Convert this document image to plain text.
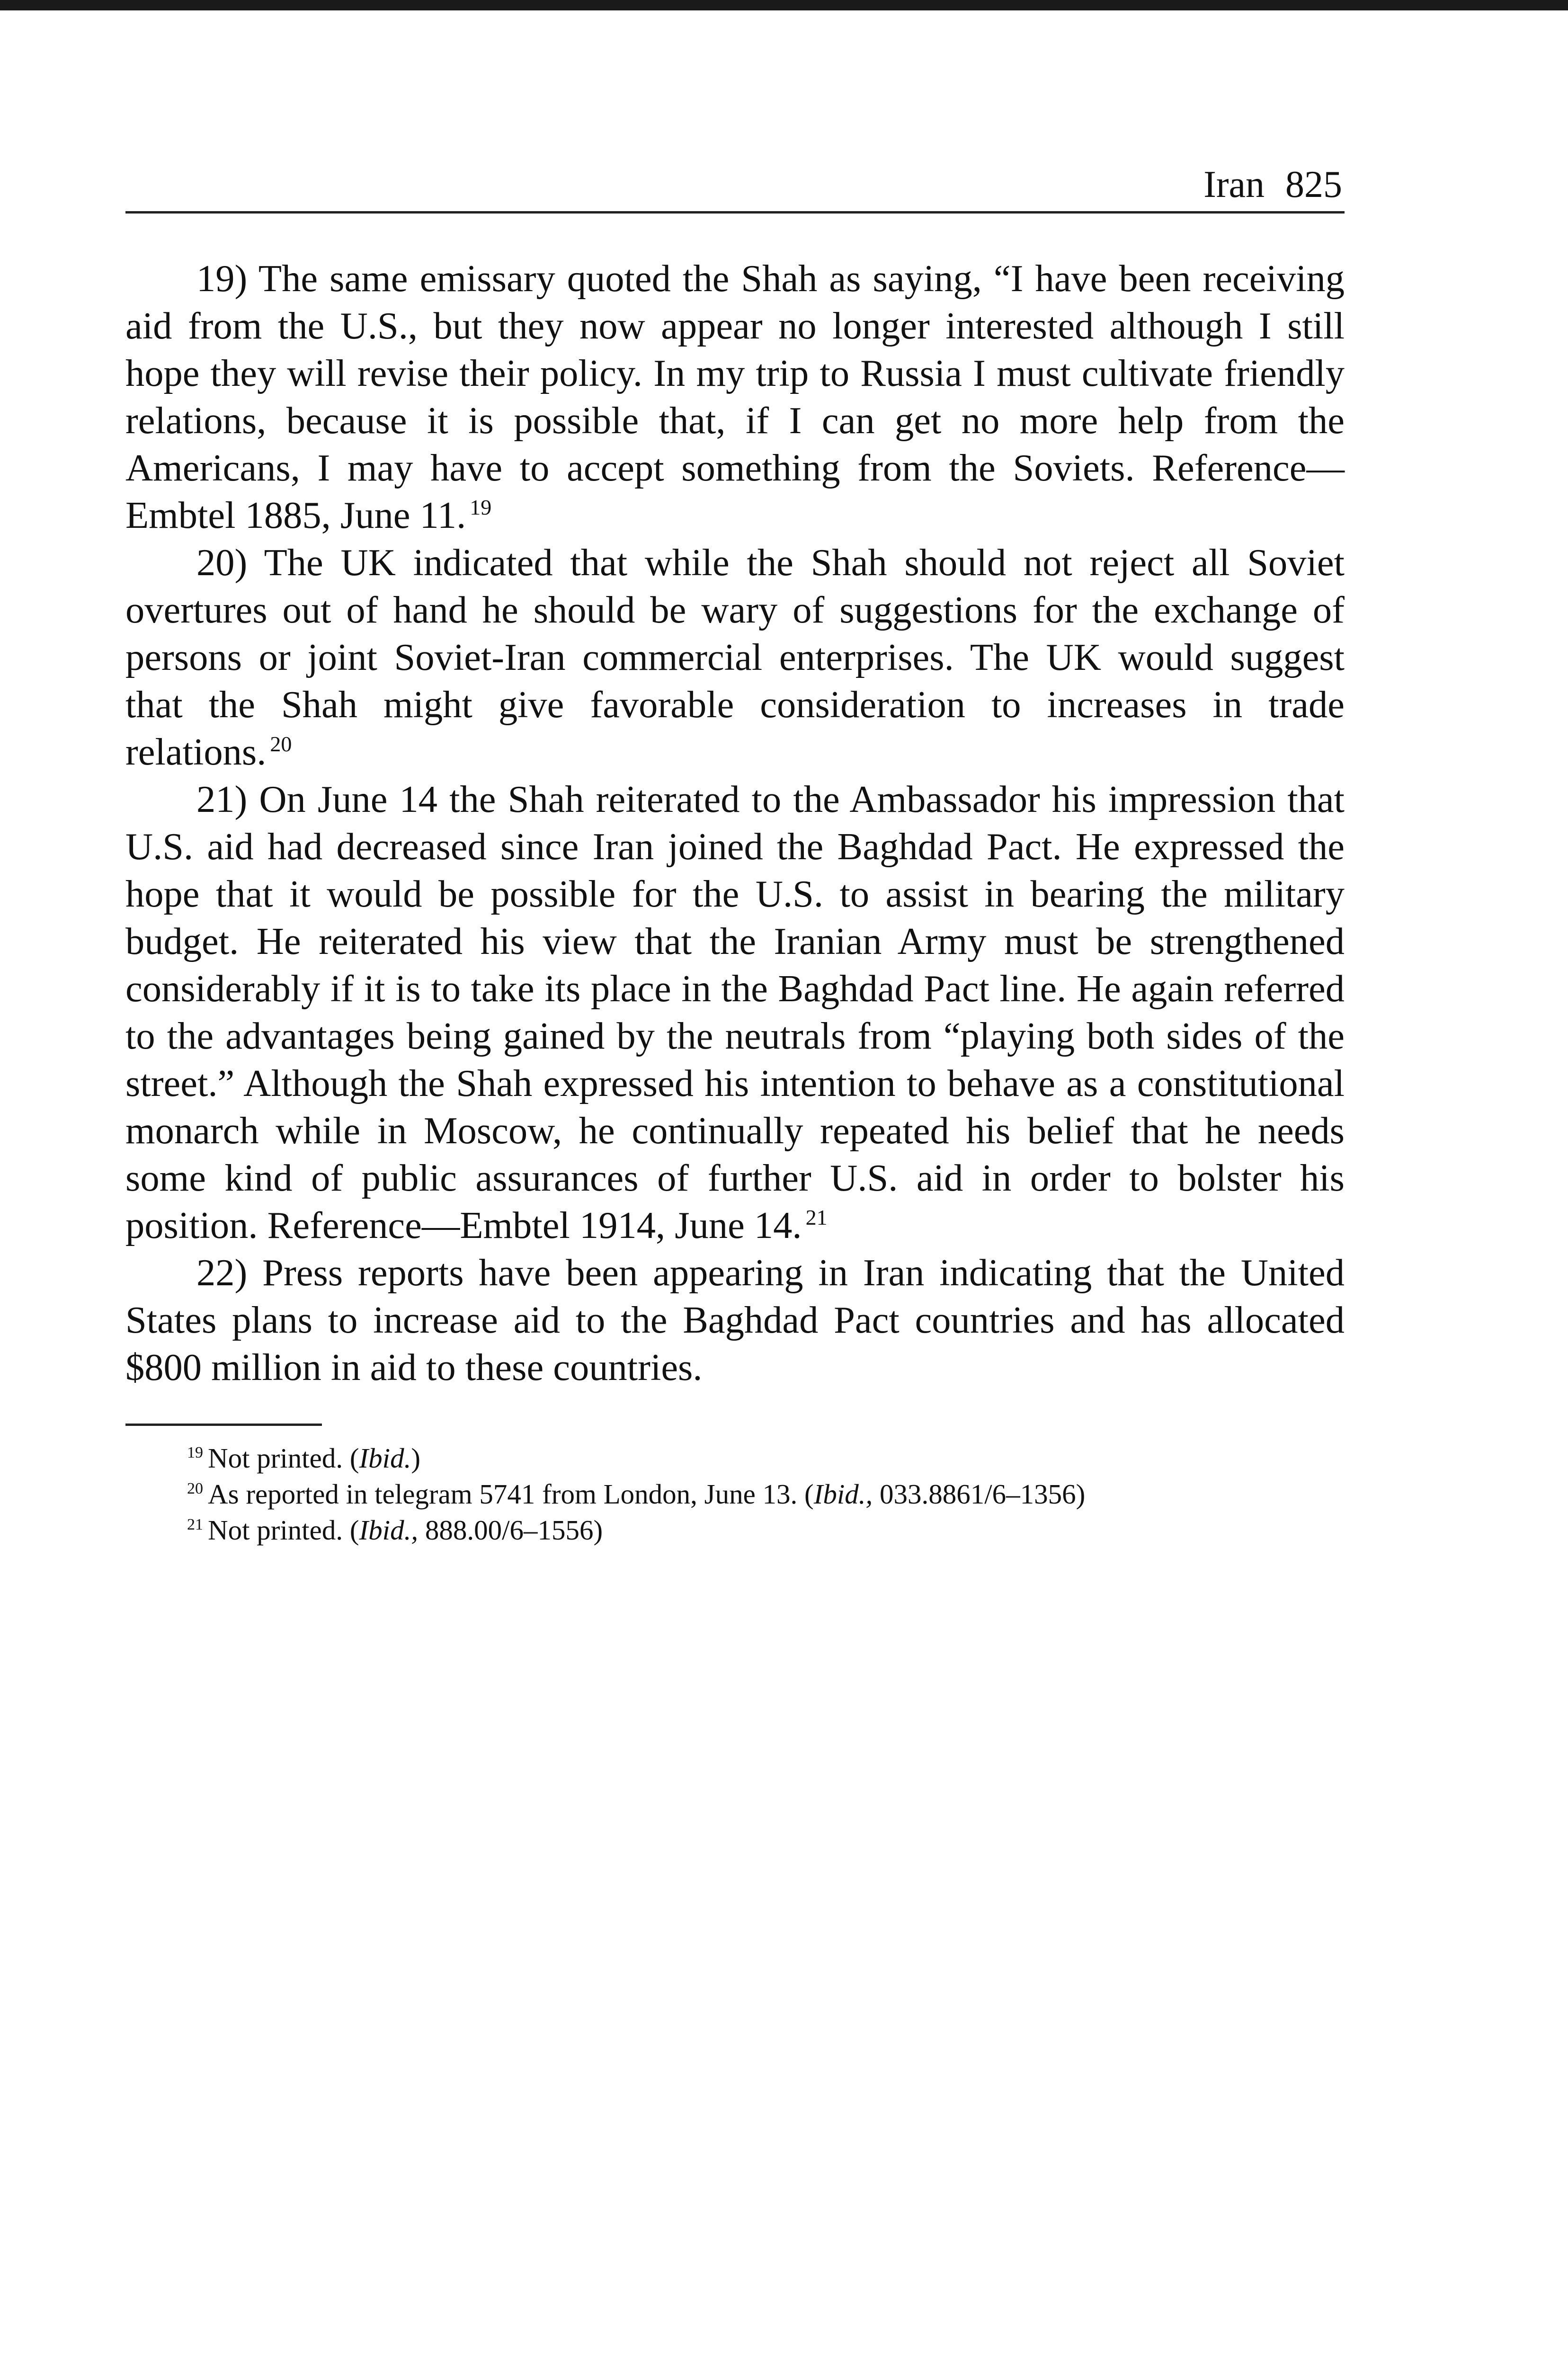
Iran 825

19) The same emissary quoted the Shah as saying, “I have been receiving aid from the U.S., but they now appear no longer interested although I still hope they will revise their policy. In my trip to Russia I must cultivate friendly relations, because it is possible that, if I can get no more help from the Americans, I may have to accept something from the Soviets. Reference—Embtel 1885, June 11. $^{19}$

20) The UK indicated that while the Shah should not reject all Soviet overtures out of hand he should be wary of suggestions for the exchange of persons or joint Soviet-Iran commercial enterprises. The UK would suggest that the Shah might give favorable consideration to increases in trade relations. $^{20}$

21) On June 14 the Shah reiterated to the Ambassador his impression that U.S. aid had decreased since Iran joined the Baghdad Pact. He expressed the hope that it would be possible for the U.S. to assist in bearing the military budget. He reiterated his view that the Iranian Army must be strengthened considerably if it is to take its place in the Baghdad Pact line. He again referred to the advantages being gained by the neutrals from “playing both sides of the street.” Although the Shah expressed his intention to behave as a constitutional monarch while in Moscow, he continually repeated his belief that he needs some kind of public assurances of further U.S. aid in order to bolster his position. Reference—Embtel 1914, June 14. $^{21}$

22) Press reports have been appearing in Iran indicating that the United States plans to increase aid to the Baghdad Pact countries and has allocated $800 million in aid to these countries.

$^{19}$ Not printed. (Ibid.)
$^{20}$ As reported in telegram 5741 from London, June 13. (Ibid., 033.8861/6–1356)
$^{21}$ Not printed. (Ibid., 888.00/6–1556)
